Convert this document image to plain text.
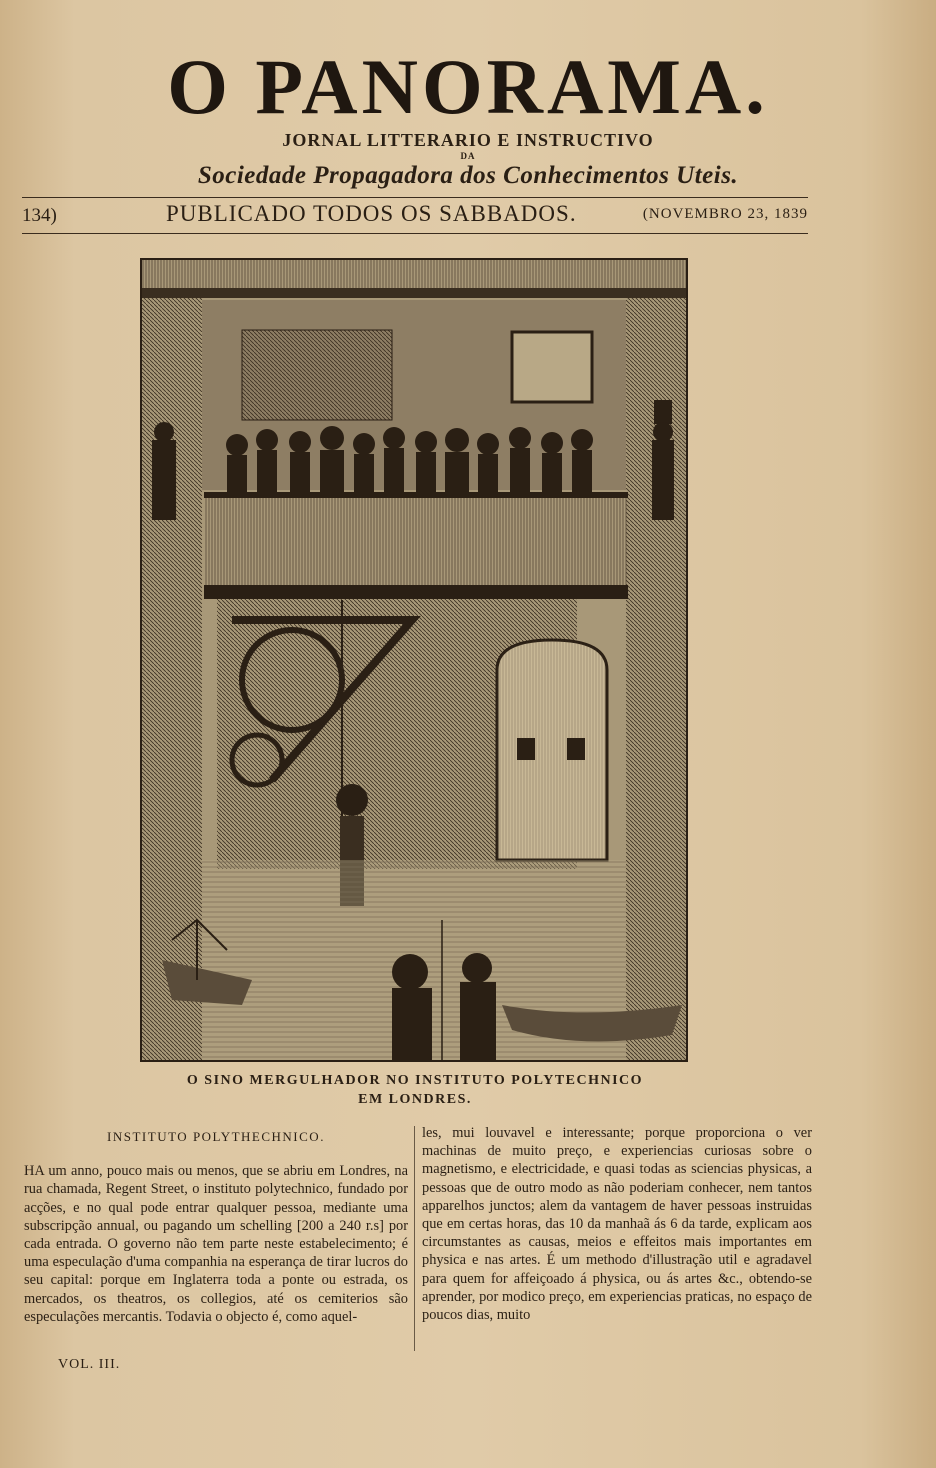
O PANORAMA.
JORNAL LITTERARIO E INSTRUCTIVO
DA
Sociedade Propagadora dos Conhecimentos Uteis.
134)	PUBLICADO TODOS OS SABBADOS.	(NOVEMBRO 23, 1839
O SINO MERGULHADOR NO INSTITUTO POLYTECHNICO
EM LONDRES.
INSTITUTO POLYTHECHNICO.

HA um anno, pouco mais ou menos, que se abriu em Londres, na rua chamada, Regent Street, o instituto polytechnico, fundado por acções, e no qual pode entrar qualquer pessoa, mediante uma subscripção annual, ou pagando um schelling [200 a 240 r.s] por cada entrada. O governo não tem parte neste estabelecimento; é uma especulação d'uma companhia na esperança de tirar lucros do seu capital: porque em Inglaterra toda a ponte ou estrada, os mercados, os theatros, os collegios, até os cemiterios são especulações mercantis. Todavia o objecto é, como aquel-

les, mui louvavel e interessante; porque proporciona o ver machinas de muito preço, e experiencias curiosas sobre o magnetismo, e electricidade, e quasi todas as sciencias physicas, a pessoas que de outro modo as não poderiam conhecer, nem tantos apparelhos junctos; alem da vantagem de haver pessoas instruidas que em certas horas, das 10 da manhaã ás 6 da tarde, explicam aos circumstantes as causas, meios e effeitos mais importantes em physica e nas artes. É um methodo d'illustração util e agradavel para quem for affeiçoado á physica, ou ás artes &c., obtendo-se aprender, por modico preço, em experiencias praticas, no espaço de poucos dias, muito

VOL. III.
